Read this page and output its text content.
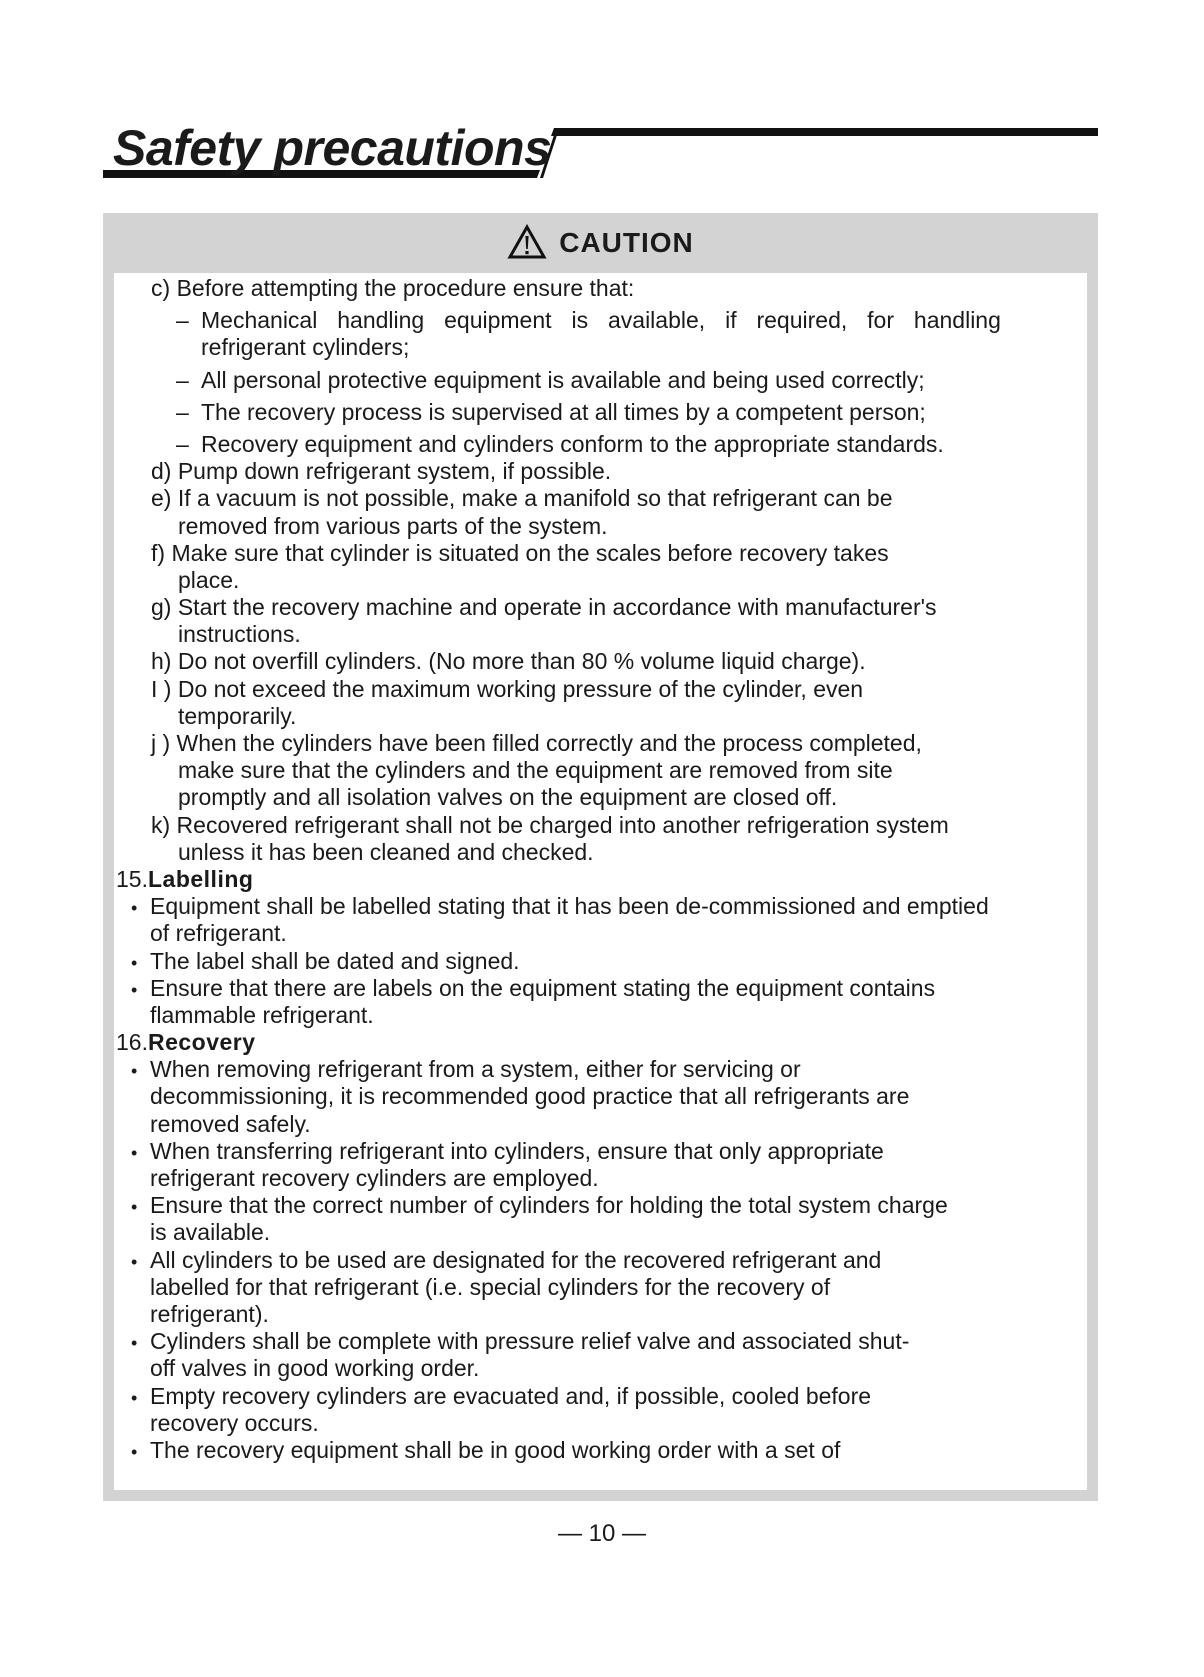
Safety precautions
CAUTION
c) Before attempting the procedure ensure that:
– Mechanical handling equipment is available, if required, for handling
refrigerant cylinders;
– All personal protective equipment is available and being used correctly;
– The recovery process is supervised at all times by a competent person;
– Recovery equipment and cylinders conform to the appropriate standards.
d) Pump down refrigerant system, if possible.
e) If a vacuum is not possible, make a manifold so that refrigerant can be
removed from various parts of the system.
f) Make sure that cylinder is situated on the scales before recovery takes
place.
g) Start the recovery machine and operate in accordance with manufacturer's
instructions.
h) Do not overfill cylinders. (No more than 80 % volume liquid charge).
I ) Do not exceed the maximum working pressure of the cylinder, even
temporarily.
j ) When the cylinders have been filled correctly and the process completed,
make sure that the cylinders and the equipment are removed from site
promptly and all isolation valves on the equipment are closed off.
k) Recovered refrigerant shall not be charged into another refrigeration system
unless it has been cleaned and checked.
15.Labelling
• Equipment shall be labelled stating that it has been de-commissioned and emptied
of refrigerant.
• The label shall be dated and signed.
• Ensure that there are labels on the equipment stating the equipment contains
flammable refrigerant.
16.Recovery
• When removing refrigerant from a system, either for servicing or
decommissioning, it is recommended good practice that all refrigerants are
removed safely.
• When transferring refrigerant into cylinders, ensure that only appropriate
refrigerant recovery cylinders are employed.
• Ensure that the correct number of cylinders for holding the total system charge
is available.
• All cylinders to be used are designated for the recovered refrigerant and
labelled for that refrigerant (i.e. special cylinders for the recovery of
refrigerant).
• Cylinders shall be complete with pressure relief valve and associated shut-
off valves in good working order.
• Empty recovery cylinders are evacuated and, if possible, cooled before
recovery occurs.
• The recovery equipment shall be in good working order with a set of
— 10 —
